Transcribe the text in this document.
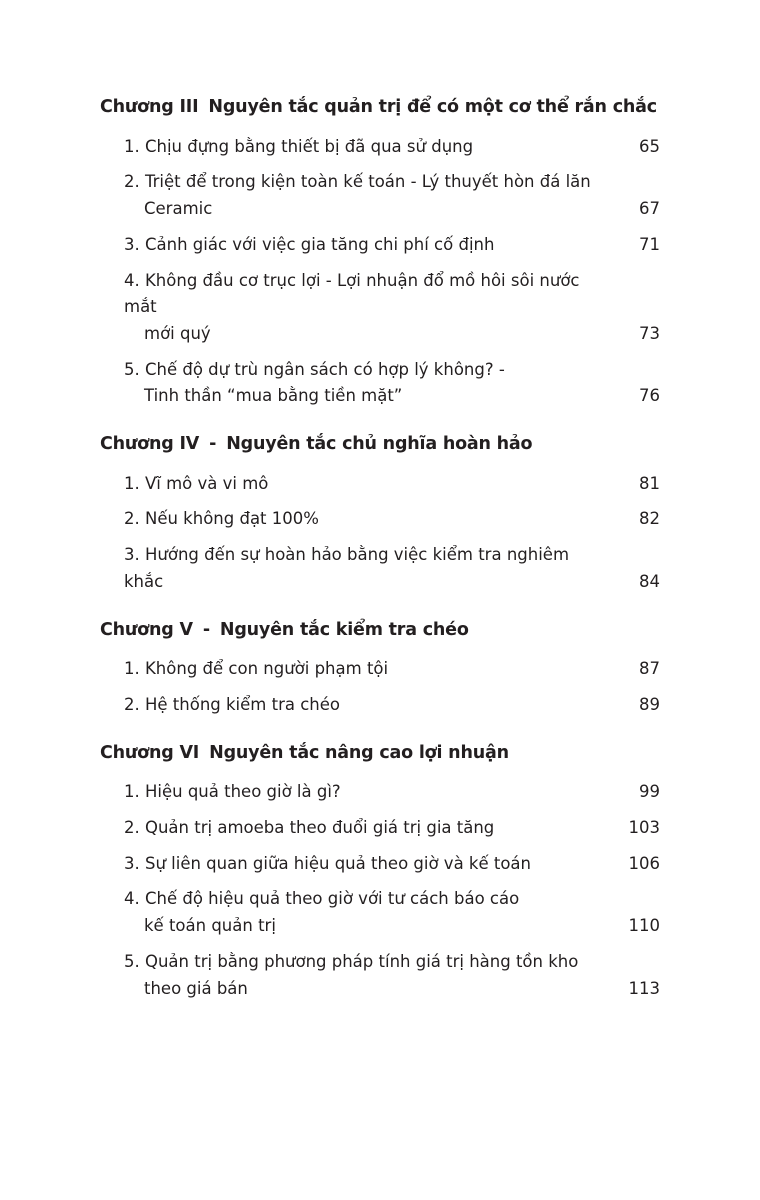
Chương III Nguyên tắc quản trị để có một cơ thể rắn chắc
1. Chịu đựng bằng thiết bị đã qua sử dụng	65
2. Triệt để trong kiện toàn kế toán - Lý thuyết hòn đá lăn
Ceramic	67
3. Cảnh giác với việc gia tăng chi phí cố định	71
4. Không đầu cơ trục lợi - Lợi nhuận đổ mồ hôi sôi nước mắt
mới quý	73
5. Chế độ dự trù ngân sách có hợp lý không? -
Tinh thần “mua bằng tiền mặt”	76
Chương IV - Nguyên tắc chủ nghĩa hoàn hảo
1. Vĩ mô và vi mô	81
2. Nếu không đạt 100%	82
3. Hướng đến sự hoàn hảo bằng việc kiểm tra nghiêm khắc	84
Chương V - Nguyên tắc kiểm tra chéo
1. Không để con người phạm tội	87
2. Hệ thống kiểm tra chéo	89
Chương VI Nguyên tắc nâng cao lợi nhuận
1. Hiệu quả theo giờ là gì?	99
2. Quản trị amoeba theo đuổi giá trị gia tăng	103
3. Sự liên quan giữa hiệu quả theo giờ và kế toán	106
4. Chế độ hiệu quả theo giờ với tư cách báo cáo
kế toán quản trị	110
5. Quản trị bằng phương pháp tính giá trị hàng tồn kho
theo giá bán	113
